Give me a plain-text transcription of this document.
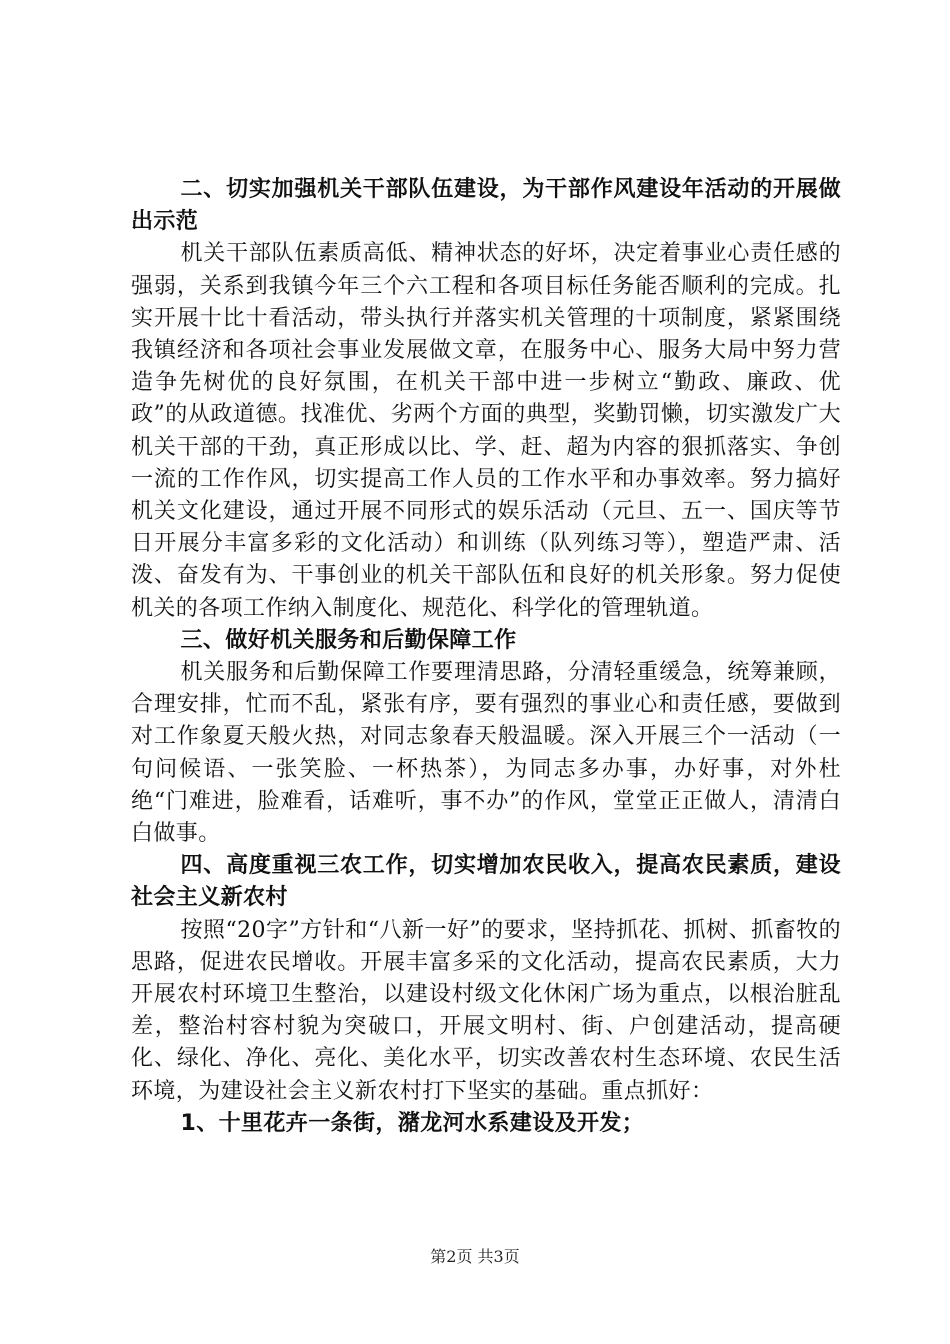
二、切实加强机关干部队伍建设，为干部作风建设年活动的开展做出示范

机关干部队伍素质高低、精神状态的好坏，决定着事业心责任感的强弱，关系到我镇今年三个六工程和各项目标任务能否顺利的完成。扎实开展十比十看活动，带头执行并落实机关管理的十项制度，紧紧围绕我镇经济和各项社会事业发展做文章，在服务中心、服务大局中努力营造争先树优的良好氛围，在机关干部中进一步树立“勤政、廉政、优政”的从政道德。找准优、劣两个方面的典型，奖勤罚懒，切实激发广大机关干部的干劲，真正形成以比、学、赶、超为内容的狠抓落实、争创一流的工作作风，切实提高工作人员的工作水平和办事效率。努力搞好机关文化建设，通过开展不同形式的娱乐活动（元旦、五一、国庆等节日开展分丰富多彩的文化活动）和训练（队列练习等），塑造严肃、活泼、奋发有为、干事创业的机关干部队伍和良好的机关形象。努力促使机关的各项工作纳入制度化、规范化、科学化的管理轨道。

三、做好机关服务和后勤保障工作

机关服务和后勤保障工作要理清思路，分清轻重缓急，统筹兼顾，合理安排，忙而不乱，紧张有序，要有强烈的事业心和责任感，要做到对工作象夏天般火热，对同志象春天般温暖。深入开展三个一活动（一句问候语、一张笑脸、一杯热茶），为同志多办事，办好事，对外杜绝“门难进，脸难看，话难听，事不办”的作风，堂堂正正做人，清清白白做事。

四、高度重视三农工作，切实增加农民收入，提高农民素质，建设社会主义新农村

按照“20字”方针和“八新一好”的要求，坚持抓花、抓树、抓畜牧的思路，促进农民增收。开展丰富多采的文化活动，提高农民素质，大力开展农村环境卫生整治，以建设村级文化休闲广场为重点，以根治脏乱差，整治村容村貌为突破口，开展文明村、街、户创建活动，提高硬化、绿化、净化、亮化、美化水平，切实改善农村生态环境、农民生活环境，为建设社会主义新农村打下坚实的基础。重点抓好：

1、十里花卉一条街，潴龙河水系建设及开发；

第2页 共3页
